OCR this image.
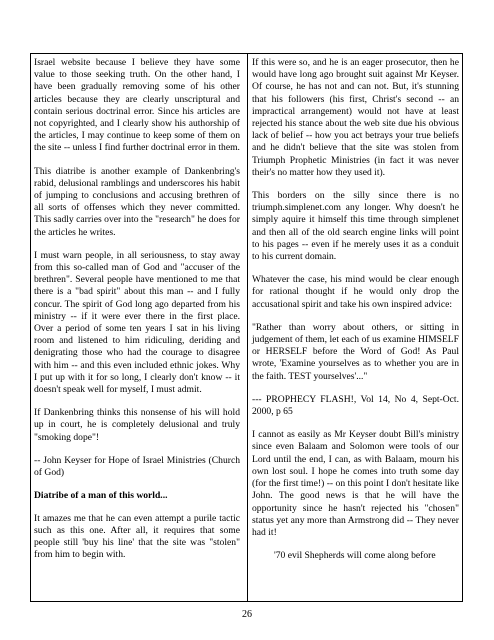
Israel website because I believe they have some value to those seeking truth. On the other hand, I have been gradually removing some of his other articles because they are clearly unscriptural and contain serious doctrinal error. Since his articles are not copyrighted, and I clearly show his authorship of the articles, I may continue to keep some of them on the site -- unless I find further doctrinal error in them.

This diatribe is another example of Dankenbring's rabid, delusional ramblings and underscores his habit of jumping to conclusions and accusing brethren of all sorts of offenses which they never committed. This sadly carries over into the "research" he does for the articles he writes.

I must warn people, in all seriousness, to stay away from this so-called man of God and "accuser of the brethren". Several people have mentioned to me that there is a "bad spirit" about this man -- and I fully concur. The spirit of God long ago departed from his ministry -- if it were ever there in the first place. Over a period of some ten years I sat in his living room and listened to him ridiculing, deriding and denigrating those who had the courage to disagree with him -- and this even included ethnic jokes. Why I put up with it for so long, I clearly don't know -- it doesn't speak well for myself, I must admit.

If Dankenbring thinks this nonsense of his will hold up in court, he is completely delusional and truly "smoking dope"!

-- John Keyser for Hope of Israel Ministries (Church of God)

Diatribe of a man of this world...

It amazes me that he can even attempt a purile tactic such as this one. After all, it requires that some people still 'buy his line' that the site was "stolen" from him to begin with.

If this were so, and he is an eager prosecutor, then he would have long ago brought suit against Mr Keyser. Of course, he has not and can not. But, it's stunning that his followers (his first, Christ's second -- an impractical arrangement) would not have at least rejected his stance about the web site due his obvious lack of belief -- how you act betrays your true beliefs and he didn't believe that the site was stolen from Triumph Prophetic Ministries (in fact it was never their's no matter how they used it).

This borders on the silly since there is no triumph.simplenet.com any longer. Why doesn't he simply aquire it himself this time through simplenet and then all of the old search engine links will point to his pages -- even if he merely uses it as a conduit to his current domain.

Whatever the case, his mind would be clear enough for rational thought if he would only drop the accusational spirit and take his own inspired advice:

"Rather than worry about others, or sitting in judgement of them, let each of us examine HIMSELF or HERSELF before the Word of God! As Paul wrote, 'Examine yourselves as to whether you are in the faith. TEST yourselves'..."

--- PROPHECY FLASH!, Vol 14, No 4, Sept-Oct. 2000, p 65

I cannot as easily as Mr Keyser doubt Bill's ministry since even Balaam and Solomon were tools of our Lord until the end, I can, as with Balaam, mourn his own lost soul. I hope he comes into truth some day (for the first time!) -- on this point I don't hesitate like John. The good news is that he will have the opportunity since he hasn't rejected his "chosen" status yet any more than Armstrong did -- They never had it!

'70 evil Shepherds will come along before

26
